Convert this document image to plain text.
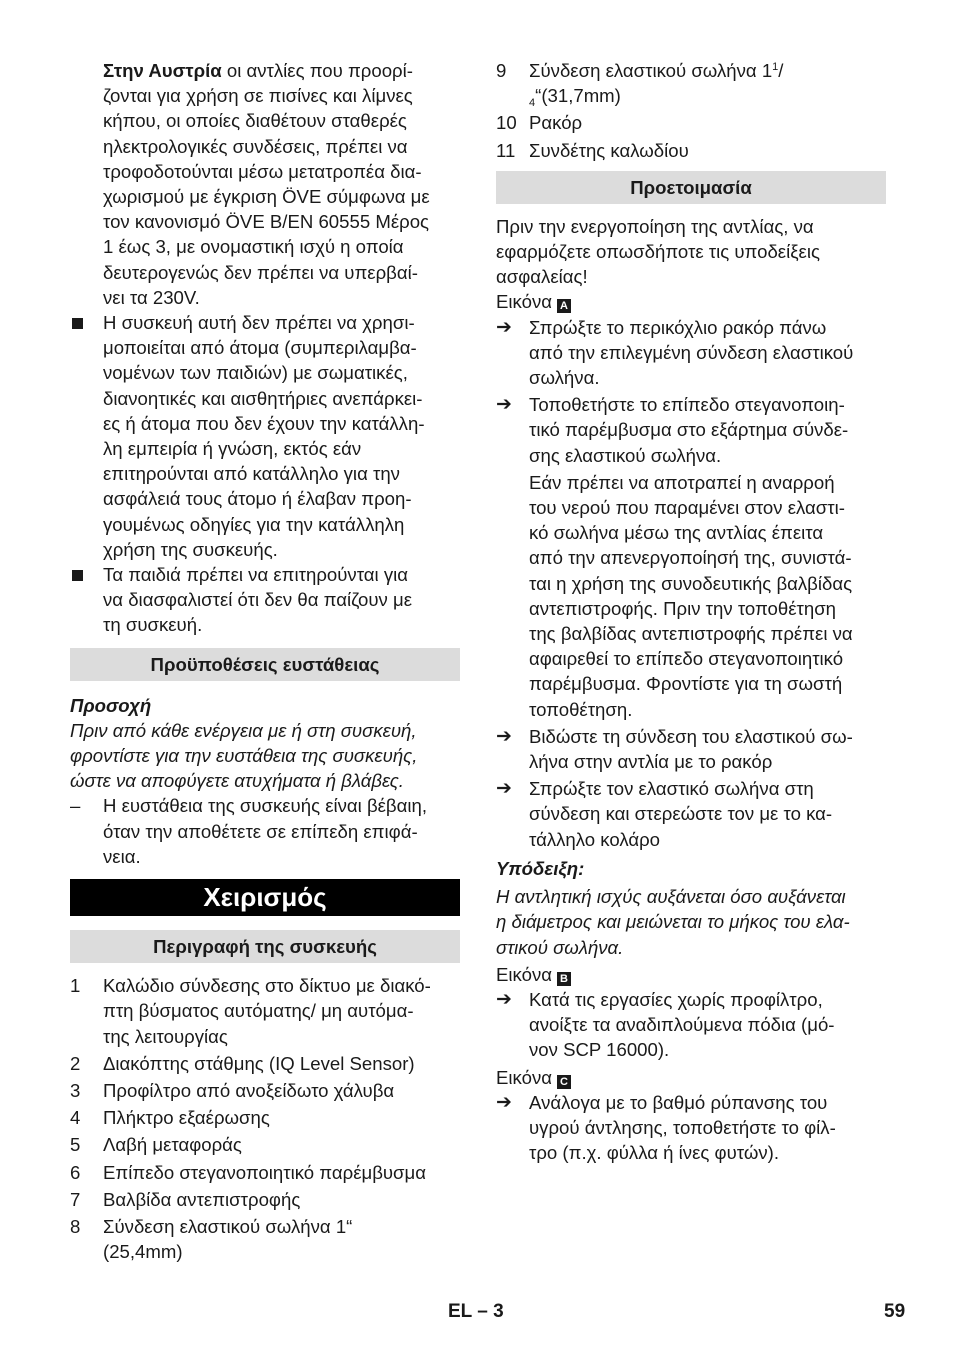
Στην Αυστρία οι αντλίες που προορί-

ζονται για χρήση σε πισίνες και λίμνες

κήπου, οι οποίες διαθέτουν σταθερές

ηλεκτρολογικές συνδέσεις, πρέπει να

τροφοδοτούνται μέσω μετατροπέα δια-

χωρισμού με έγκριση ÖVE σύμφωνα με

τον κανονισμό ÖVE B/EN 60555 Μέρος

1 έως 3, με ονομαστική ισχύ η οποία

δευτερογενώς δεν πρέπει να υπερβαί-

νει τα 230V.

Η συσκευή αυτή δεν πρέπει να χρησι-

μοποιείται από άτομα (συμπεριλαμβα-

νομένων των παιδιών) με σωματικές,

διανοητικές και αισθητήριες ανεπάρκει-

ες ή άτομα που δεν έχουν την κατάλλη-

λη εμπειρία ή γνώση, εκτός εάν

επιτηρούνται από κατάλληλο για την

ασφάλειά τους άτομο ή έλαβαν προη-

γουμένως οδηγίες για την κατάλληλη

χρήση της συσκευής.

Τα παιδιά πρέπει να επιτηρούνται για

να διασφαλιστεί ότι δεν θα παίζουν με

τη συσκευή.

Προϋποθέσεις ευστάθειας

Προσοχή

Πριν από κάθε ενέργεια με ή στη συσκευή,

φροντίστε για την ευστάθεια της συσκευής,

ώστε να αποφύγετε ατυχήματα ή βλάβες.

– Η ευστάθεια της συσκευής είναι βέβαιη,

όταν την αποθέτετε σε επίπεδη επιφά-

νεια.

Χειρισμός
Περιγραφή της συσκευής
1 Καλώδιο σύνδεσης στο δίκτυο με διακό-

πτη βύσματος αυτόματης/ μη αυτόμα-

της λειτουργίας

2 Διακόπτης στάθμης (IQ Level Sensor)

3 Προφίλτρο από ανοξείδωτο χάλυβα

4 Πλήκτρο εξαέρωσης

5 Λαβή μεταφοράς

6 Επίπεδο στεγανοποιητικό παρέμβυσμα

7 Βαλβίδα αντεπιστροφής

8 Σύνδεση ελαστικού σωλήνα 1“

(25,4mm)

9 Σύνδεση ελαστικού σωλήνα $1^1/$

$_4$“(31,7mm)

10 Ρακόρ

11 Συνδέτης καλωδίου

Προετοιμασία

Πριν την ενεργοποίηση της αντλίας, να

εφαρμόζετε οπωσδήποτε τις υποδείξεις

ασφαλείας!

Εικόνα A

➔ Σπρώξτε το περικόχλιο ρακόρ πάνω

από την επιλεγμένη σύνδεση ελαστικού

σωλήνα.

➔ Τοποθετήστε το επίπεδο στεγανοποιη-

τικό παρέμβυσμα στο εξάρτημα σύνδε-

σης ελαστικού σωλήνα.

Εάν πρέπει να αποτραπεί η αναρροή

του νερού που παραμένει στον ελαστι-

κό σωλήνα μέσω της αντλίας έπειτα

από την απενεργοποίησή της, συνιστά-

ται η χρήση της συνοδευτικής βαλβίδας

αντεπιστροφής. Πριν την τοποθέτηση

της βαλβίδας αντεπιστροφής πρέπει να

αφαιρεθεί το επίπεδο στεγανοποιητικό

παρέμβυσμα. Φροντίστε για τη σωστή

τοποθέτηση.

➔ Βιδώστε τη σύνδεση του ελαστικού σω-

λήνα στην αντλία με το ρακόρ

➔ Σπρώξτε τον ελαστικό σωλήνα στη

σύνδεση και στερεώστε τον με το κα-

τάλληλο κολάρο

Υπόδειξη:

Η αντλητική ισχύς αυξάνεται όσο αυξάνεται

η διάμετρος και μειώνεται το μήκος του ελα-

στικού σωλήνα.

Εικόνα B

➔ Κατά τις εργασίες χωρίς προφίλτρο,

ανοίξτε τα αναδιπλούμενα πόδια (μό-

νον SCP 16000).

Εικόνα C

➔ Ανάλογα με το βαθμό ρύπανσης του

υγρού άντλησης, τοποθετήστε το φίλ-

τρο (π.χ. φύλλα ή ίνες φυτών).

EL – 3	59
